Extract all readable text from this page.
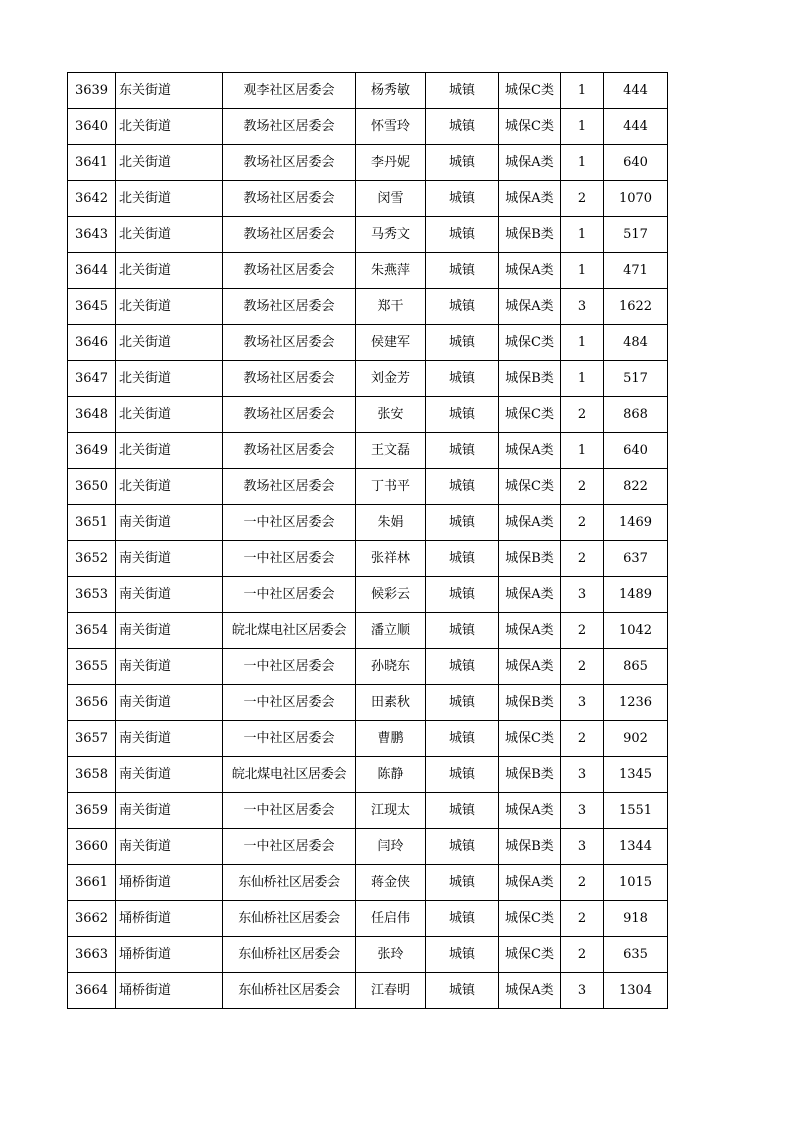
3639	东关街道	观李社区居委会	杨秀敏	城镇	城保C类	1	444
3640	北关街道	教场社区居委会	怀雪玲	城镇	城保C类	1	444
3641	北关街道	教场社区居委会	李丹妮	城镇	城保A类	1	640
3642	北关街道	教场社区居委会	闵雪	城镇	城保A类	2	1070
3643	北关街道	教场社区居委会	马秀文	城镇	城保B类	1	517
3644	北关街道	教场社区居委会	朱燕萍	城镇	城保A类	1	471
3645	北关街道	教场社区居委会	郑干	城镇	城保A类	3	1622
3646	北关街道	教场社区居委会	侯建军	城镇	城保C类	1	484
3647	北关街道	教场社区居委会	刘金芳	城镇	城保B类	1	517
3648	北关街道	教场社区居委会	张安	城镇	城保C类	2	868
3649	北关街道	教场社区居委会	王文磊	城镇	城保A类	1	640
3650	北关街道	教场社区居委会	丁书平	城镇	城保C类	2	822
3651	南关街道	一中社区居委会	朱娟	城镇	城保A类	2	1469
3652	南关街道	一中社区居委会	张祥林	城镇	城保B类	2	637
3653	南关街道	一中社区居委会	候彩云	城镇	城保A类	3	1489
3654	南关街道	皖北煤电社区居委会	潘立顺	城镇	城保A类	2	1042
3655	南关街道	一中社区居委会	孙晓东	城镇	城保A类	2	865
3656	南关街道	一中社区居委会	田素秋	城镇	城保B类	3	1236
3657	南关街道	一中社区居委会	曹鹏	城镇	城保C类	2	902
3658	南关街道	皖北煤电社区居委会	陈静	城镇	城保B类	3	1345
3659	南关街道	一中社区居委会	江现太	城镇	城保A类	3	1551
3660	南关街道	一中社区居委会	闫玲	城镇	城保B类	3	1344
3661	埇桥街道	东仙桥社区居委会	蒋金侠	城镇	城保A类	2	1015
3662	埇桥街道	东仙桥社区居委会	任启伟	城镇	城保C类	2	918
3663	埇桥街道	东仙桥社区居委会	张玲	城镇	城保C类	2	635
3664	埇桥街道	东仙桥社区居委会	江春明	城镇	城保A类	3	1304
